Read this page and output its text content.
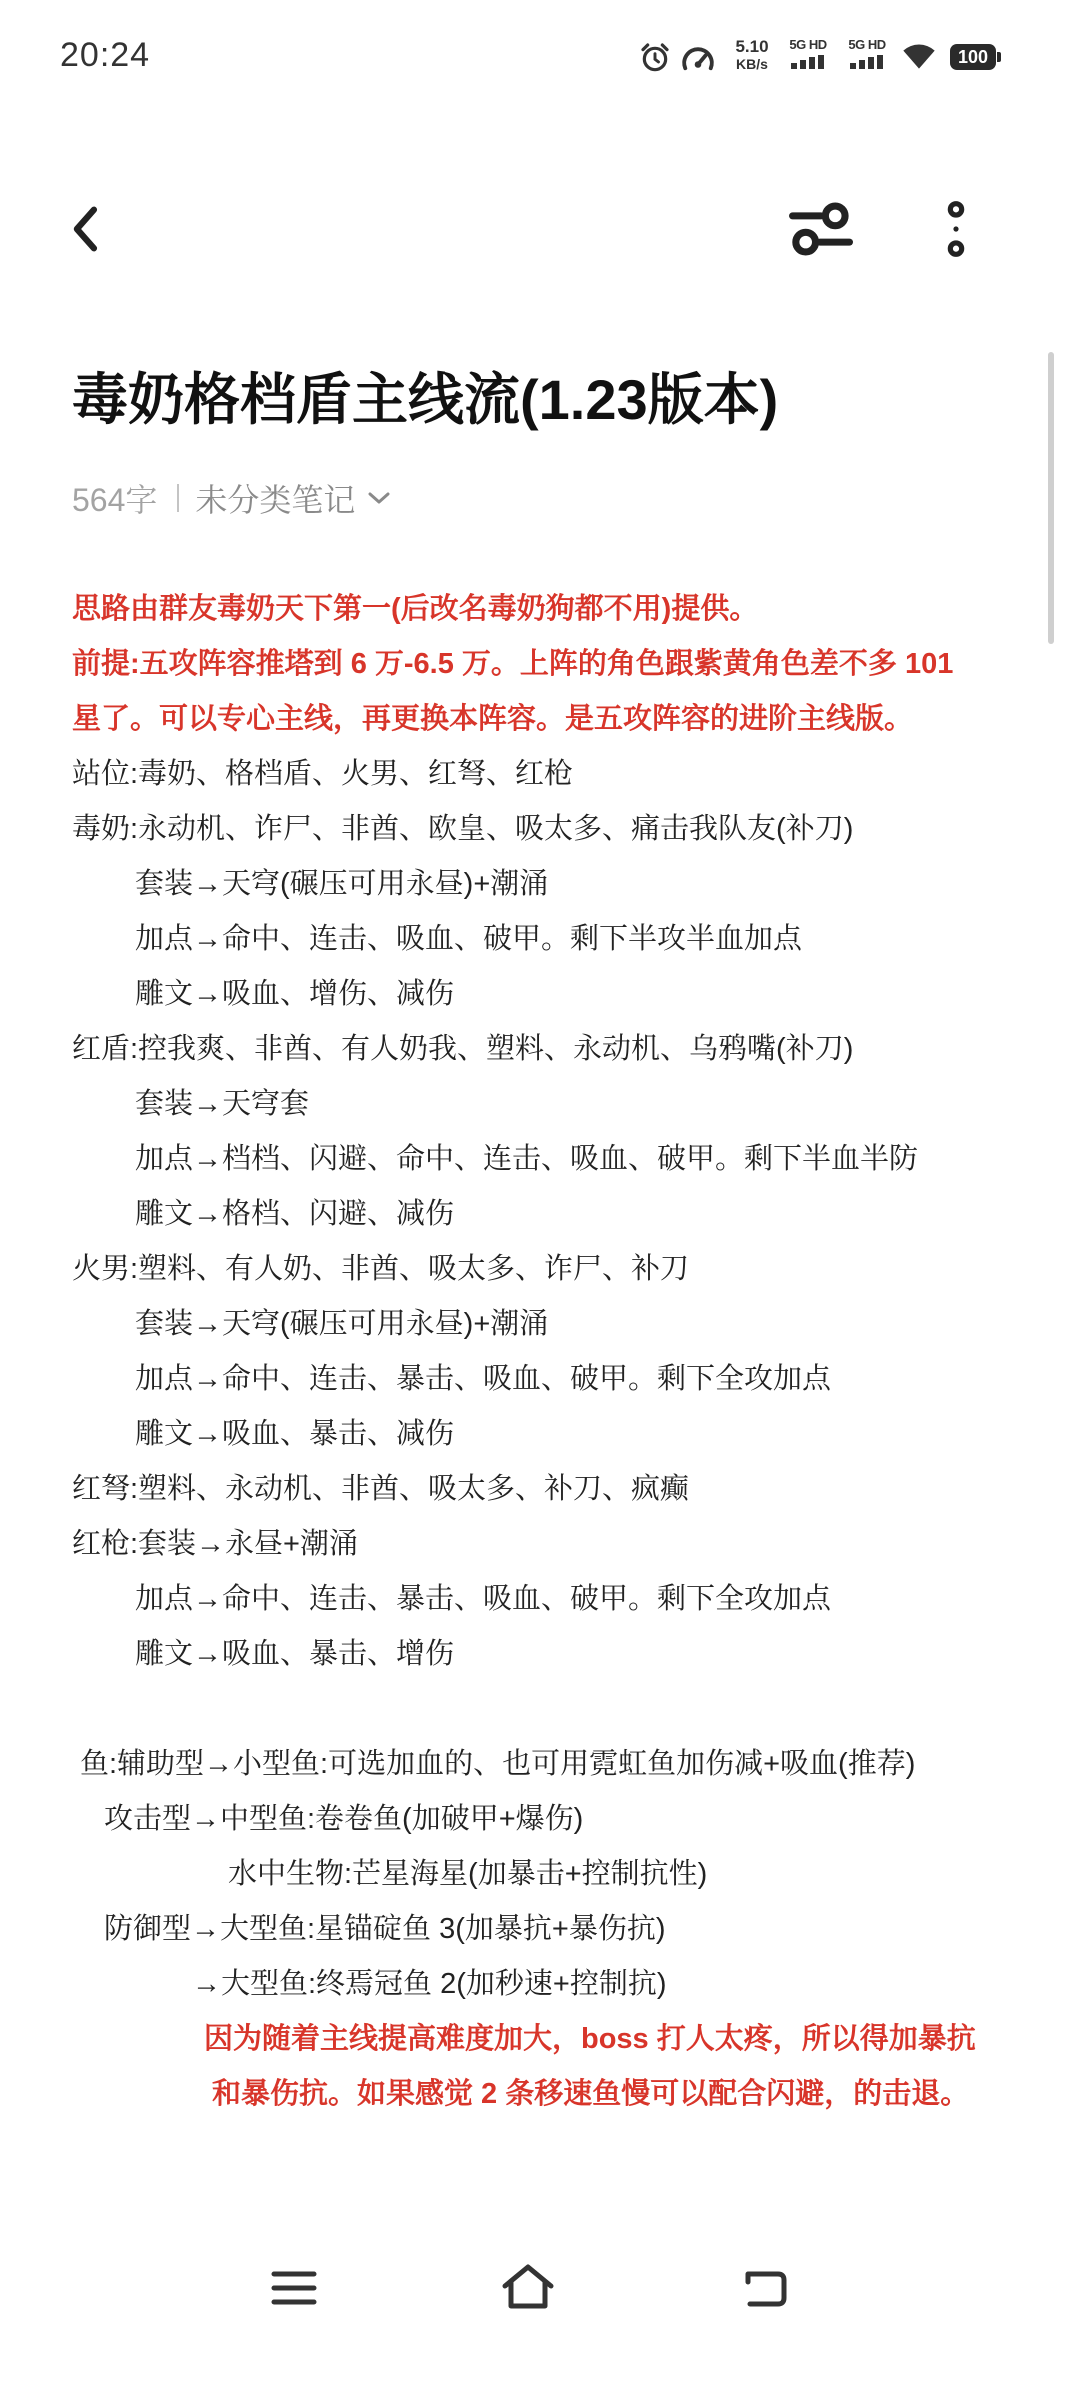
20:24	5.10
KB/s
5G HD	5G HD
100
毒奶格档盾主线流(1.23版本)
564字 未分类笔记
思路由群友毒奶天下第一(后改名毒奶狗都不用)提供。
前提:五攻阵容推塔到 6 万-6.5 万。上阵的角色跟紫黄角色差不多 101
星了。可以专心主线，再更换本阵容。是五攻阵容的进阶主线版。
站位:毒奶、格档盾、火男、红弩、红枪
毒奶:永动机、诈尸、非酋、欧皇、吸太多、痛击我队友(补刀)
套装→天穹(碾压可用永昼)+潮涌
加点→命中、连击、吸血、破甲。剩下半攻半血加点
雕文→吸血、增伤、减伤
红盾:控我爽、非酋、有人奶我、塑料、永动机、乌鸦嘴(补刀)
套装→天穹套
加点→档档、闪避、命中、连击、吸血、破甲。剩下半血半防
雕文→格档、闪避、减伤
火男:塑料、有人奶、非酋、吸太多、诈尸、补刀
套装→天穹(碾压可用永昼)+潮涌
加点→命中、连击、暴击、吸血、破甲。剩下全攻加点
雕文→吸血、暴击、减伤
红弩:塑料、永动机、非酋、吸太多、补刀、疯癫
红枪:套装→永昼+潮涌
加点→命中、连击、暴击、吸血、破甲。剩下全攻加点
雕文→吸血、暴击、增伤
鱼:辅助型→小型鱼:可选加血的、也可用霓虹鱼加伤减+吸血(推荐)
攻击型→中型鱼:卷卷鱼(加破甲+爆伤)
水中生物:芒星海星(加暴击+控制抗性)
防御型→大型鱼:星锚碇鱼 3(加暴抗+暴伤抗)
→大型鱼:终焉冠鱼 2(加秒速+控制抗)
因为随着主线提高难度加大，boss 打人太疼，所以得加暴抗
和暴伤抗。如果感觉 2 条移速鱼慢可以配合闪避，的击退。
